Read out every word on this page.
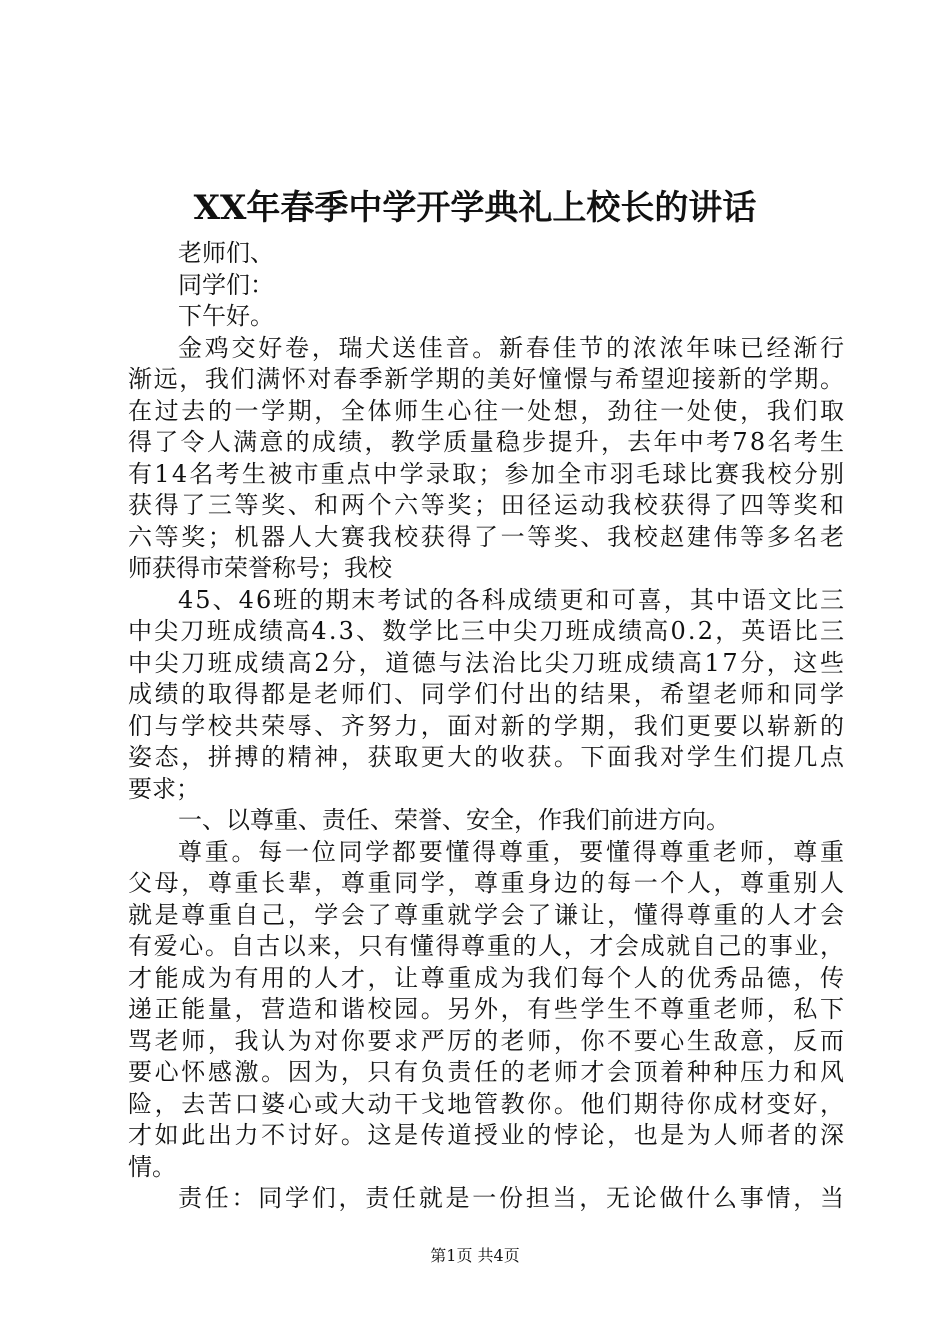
XX年春季中学开学典礼上校长的讲话
老师们、
同学们：
下午好。
金鸡交好卷，瑞犬送佳音。新春佳节的浓浓年味已经渐行
渐远，我们满怀对春季新学期的美好憧憬与希望迎接新的学期。
在过去的一学期，全体师生心往一处想，劲往一处使，我们取
得了令人满意的成绩，教学质量稳步提升，去年中考78名考生
有14名考生被市重点中学录取；参加全市羽毛球比赛我校分别
获得了三等奖、和两个六等奖；田径运动我校获得了四等奖和
六等奖；机器人大赛我校获得了一等奖、我校赵建伟等多名老
师获得市荣誉称号；我校
45、46班的期末考试的各科成绩更和可喜，其中语文比三
中尖刀班成绩高4.3、数学比三中尖刀班成绩高0.2，英语比三
中尖刀班成绩高2分，道德与法治比尖刀班成绩高17分，这些
成绩的取得都是老师们、同学们付出的结果，希望老师和同学
们与学校共荣辱、齐努力，面对新的学期，我们更要以崭新的
姿态，拼搏的精神，获取更大的收获。下面我对学生们提几点
要求；
一、以尊重、责任、荣誉、安全，作我们前进方向。
尊重。每一位同学都要懂得尊重，要懂得尊重老师，尊重
父母，尊重长辈，尊重同学，尊重身边的每一个人，尊重别人
就是尊重自己，学会了尊重就学会了谦让，懂得尊重的人才会
有爱心。自古以来，只有懂得尊重的人，才会成就自己的事业，
才能成为有用的人才，让尊重成为我们每个人的优秀品德，传
递正能量，营造和谐校园。另外，有些学生不尊重老师，私下
骂老师，我认为对你要求严厉的老师，你不要心生敌意，反而
要心怀感激。因为，只有负责任的老师才会顶着种种压力和风
险，去苦口婆心或大动干戈地管教你。他们期待你成材变好，
才如此出力不讨好。这是传道授业的悖论，也是为人师者的深
情。
责任：同学们，责任就是一份担当，无论做什么事情，当
第1页 共4页
